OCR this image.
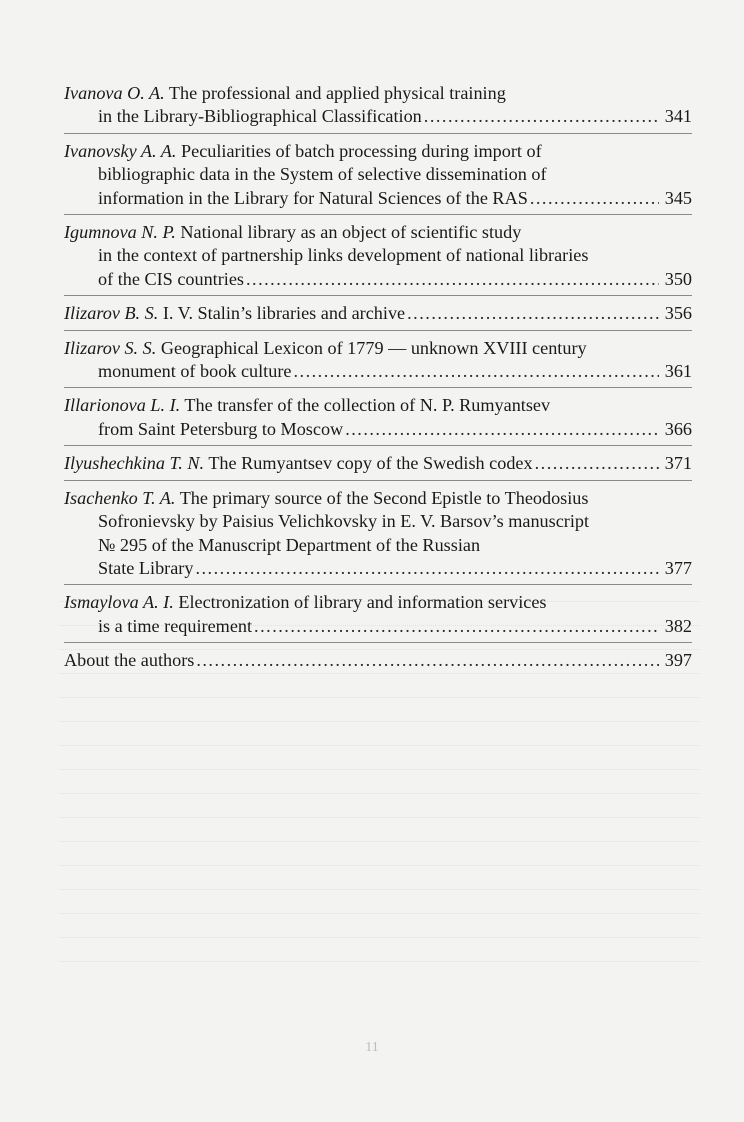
Ivanova O. A. The professional and applied physical training
in the Library-Bibliographical Classification .....	341
Ivanovsky A. A. Peculiarities of batch processing during import of
bibliographic data in the System of selective dissemination of
information in the Library for Natural Sciences of the RAS .....	345
Igumnova N. P. National library as an object of scientific study
in the context of partnership links development of national libraries
of the CIS countries .....	350
Ilizarov B. S. I. V. Stalin’s libraries and archive .....	356
Ilizarov S. S. Geographical Lexicon of 1779 — unknown XVIII century
monument of book culture .....	361
Illarionova L. I. The transfer of the collection of N. P. Rumyantsev
from Saint Petersburg to Moscow .....	366
Ilyushechkina T. N. The Rumyantsev copy of the Swedish codex .....	371
Isachenko T. A. The primary source of the Second Epistle to Theodosius
Sofronievsky by Paisius Velichkovsky in E. V. Barsov’s manuscript
№ 295 of the Manuscript Department of the Russian
State Library .....	377
Ismaylova A. I. Electronization of library and information services
is a time requirement .....	382
About the authors .....	397
11
